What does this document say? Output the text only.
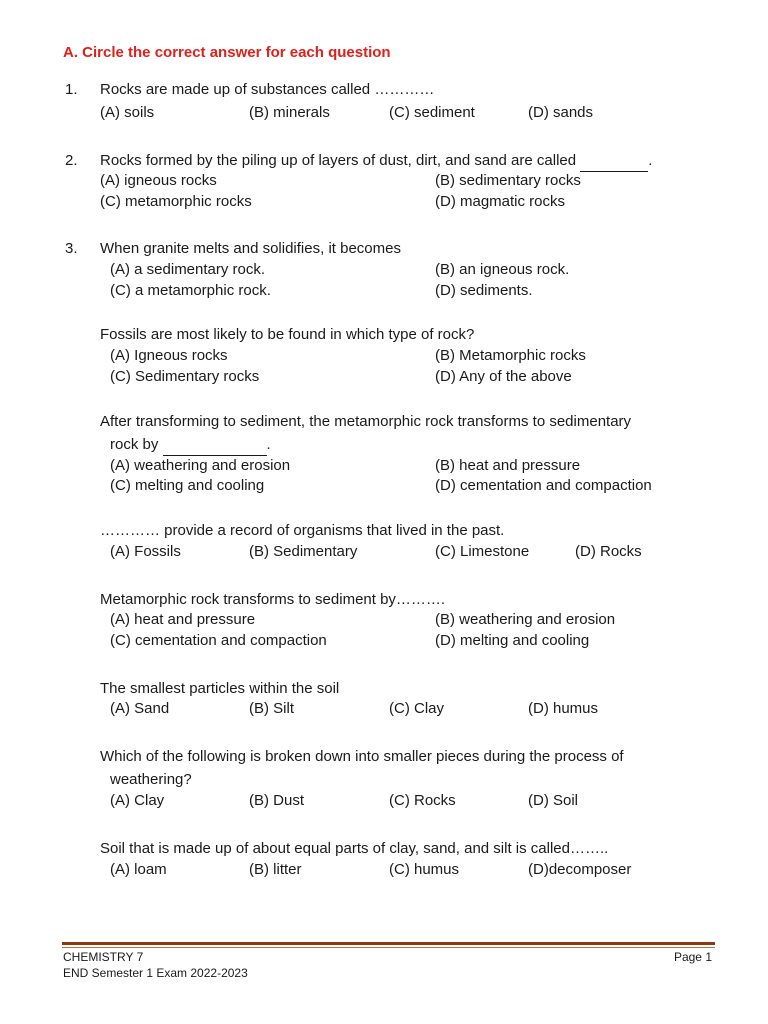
A. Circle the correct answer for each question
1. Rocks are made up of substances called …………
(A) soils	(B) minerals	(C) sediment	(D) sands
2. Rocks formed by the piling up of layers of dust, dirt, and sand are called	.
(A) igneous rocks	(B) sedimentary rocks
(C) metamorphic rocks	(D) magmatic rocks
3. When granite melts and solidifies, it becomes
(A) a sedimentary rock.	(B) an igneous rock.
(C) a metamorphic rock.	(D) sediments.
Fossils are most likely to be found in which type of rock?
(A) Igneous rocks	(B) Metamorphic rocks
(C) Sedimentary rocks	(D) Any of the above
After transforming to sediment, the metamorphic rock transforms to sedimentary
rock by	.
(A) weathering and erosion	(B) heat and pressure
(C) melting and cooling	(D) cementation and compaction
………… provide a record of organisms that lived in the past.
(A) Fossils	(B) Sedimentary	(C) Limestone	(D) Rocks
Metamorphic rock transforms to sediment by……….
(A) heat and pressure	(B) weathering and erosion
(C) cementation and compaction	(D) melting and cooling
The smallest particles within the soil
(A) Sand	(B) Silt	(C) Clay	(D) humus
Which of the following is broken down into smaller pieces during the process of
weathering?
(A) Clay	(B) Dust	(C) Rocks	(D) Soil
Soil that is made up of about equal parts of clay, sand, and silt is called……..
(A) loam	(B) litter	(C) humus	(D)decomposer
CHEMISTRY 7
END Semester 1 Exam 2022-2023
Page 1
